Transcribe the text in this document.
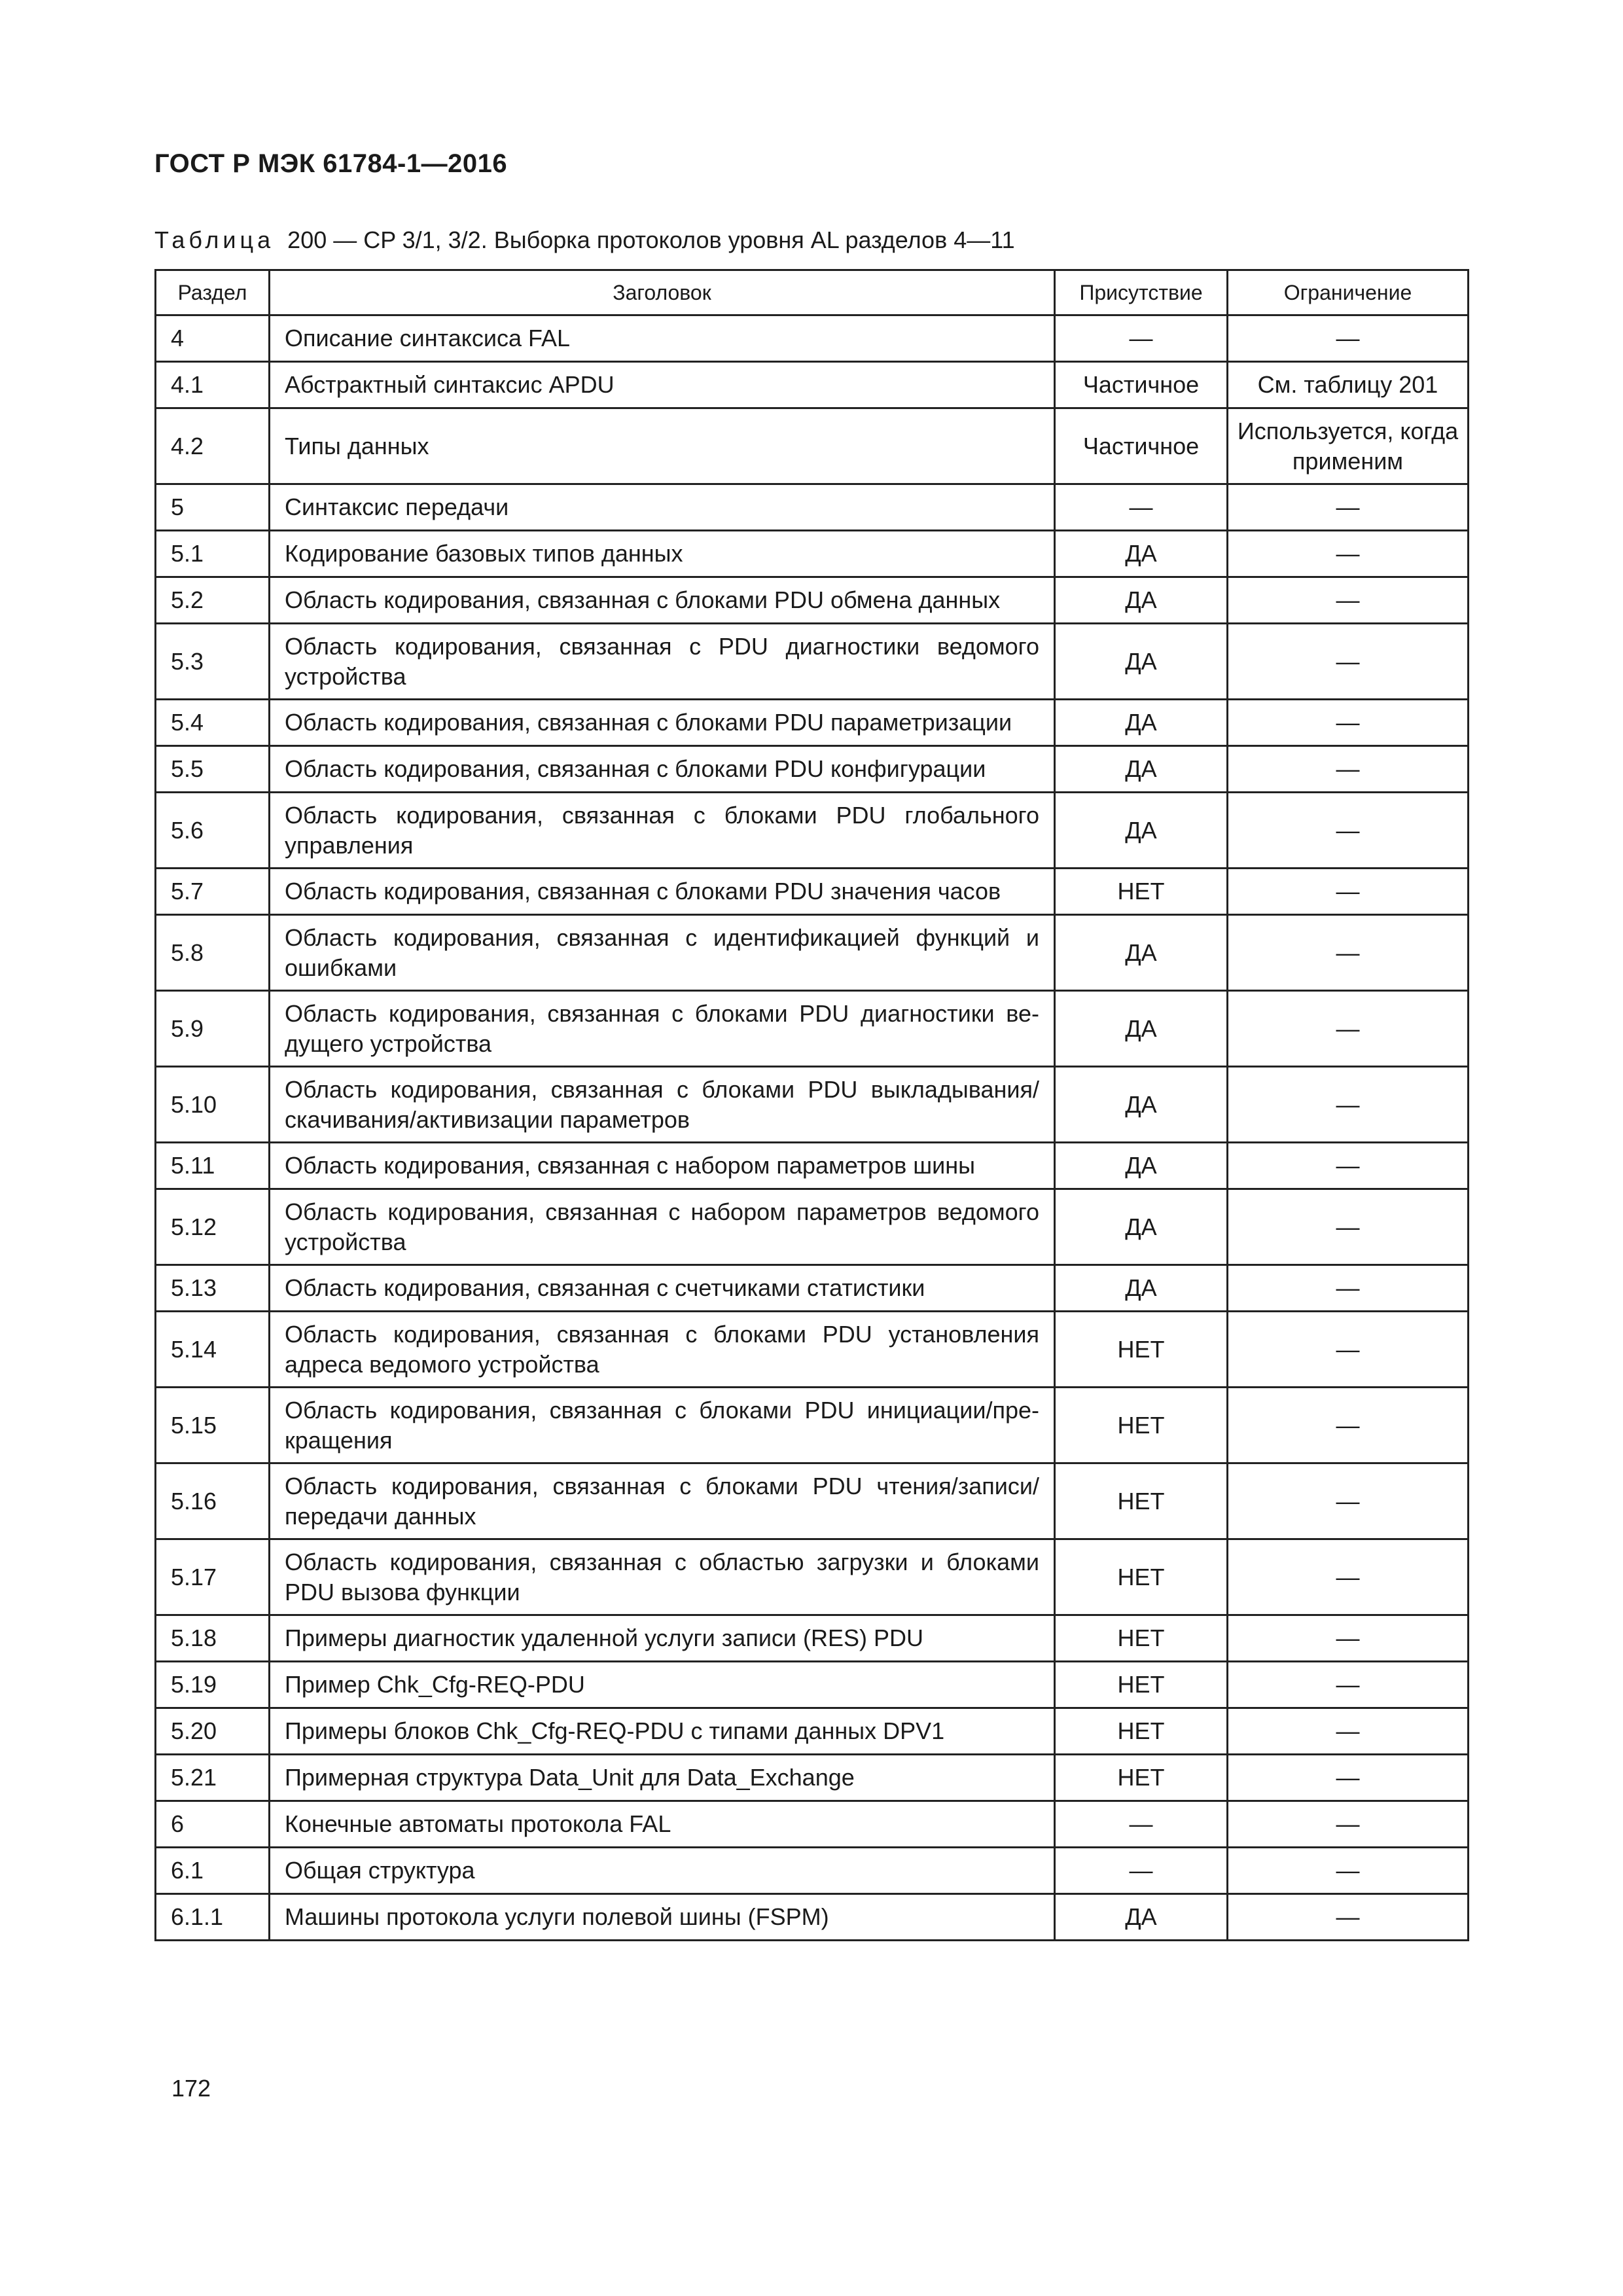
ГОСТ Р МЭК 61784-1—2016
Таблица 200 — CP 3/1, 3/2. Выборка протоколов уровня AL разделов 4—11
Раздел	Заголовок	Присутствие	Ограничение
4	Описание синтаксиса FAL	—	—
4.1	Абстрактный синтаксис APDU	Частичное	См. таблицу 201
4.2	Типы данных	Частичное	Используется, когда применим
5	Синтаксис передачи	—	—
5.1	Кодирование базовых типов данных	ДА	—
5.2	Область кодирования, связанная с блоками PDU обмена данных	ДА	—
5.3	Область кодирования, связанная с PDU диагностики ведомого устройства	ДА	—
5.4	Область кодирования, связанная с блоками PDU параметризации	ДА	—
5.5	Область кодирования, связанная с блоками PDU конфигурации	ДА	—
5.6	Область кодирования, связанная с блоками PDU глобального управления	ДА	—
5.7	Область кодирования, связанная с блоками PDU значения часов	НЕТ	—
5.8	Область кодирования, связанная с идентификацией функций и ошибками	ДА	—
5.9	Область кодирования, связанная с блоками PDU диагностики ведущего устройства	ДА	—
5.10	Область кодирования, связанная с блоками PDU выкладывания/ скачивания/активизации параметров	ДА	—
5.11	Область кодирования, связанная с набором параметров шины	ДА	—
5.12	Область кодирования, связанная с набором параметров ведомого устройства	ДА	—
5.13	Область кодирования, связанная с счетчиками статистики	ДА	—
5.14	Область кодирования, связанная с блоками PDU установления адреса ведомого устройства	НЕТ	—
5.15	Область кодирования, связанная с блоками PDU инициации/прекращения	НЕТ	—
5.16	Область кодирования, связанная с блоками PDU чтения/записи/ передачи данных	НЕТ	—
5.17	Область кодирования, связанная с областью загрузки и блоками PDU вызова функции	НЕТ	—
5.18	Примеры диагностик удаленной услуги записи (RES) PDU	НЕТ	—
5.19	Пример Chk_Cfg-REQ-PDU	НЕТ	—
5.20	Примеры блоков Chk_Cfg-REQ-PDU с типами данных DPV1	НЕТ	—
5.21	Примерная структура Data_Unit для Data_Exchange	НЕТ	—
6	Конечные автоматы протокола FAL	—	—
6.1	Общая структура	—	—
6.1.1	Машины протокола услуги полевой шины (FSPM)	ДА	—
172
